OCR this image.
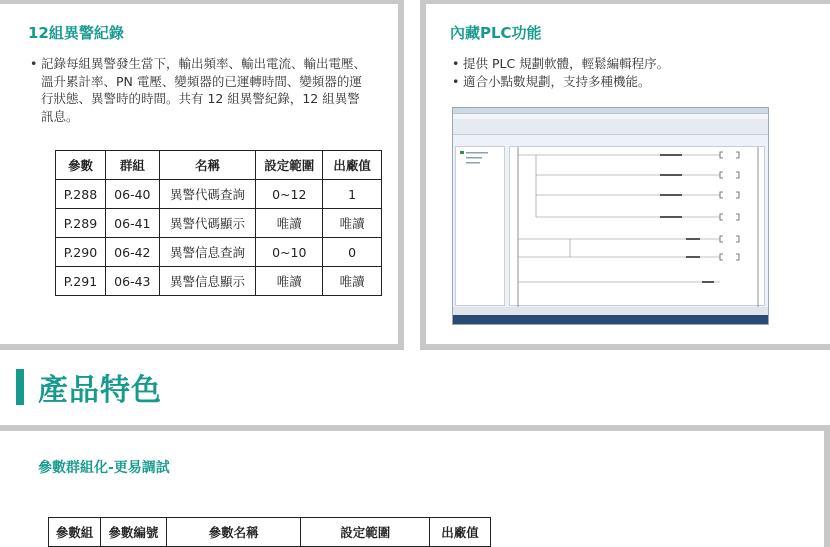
12組異警紀錄
• 記錄每組異警發生當下，輸出頻率、輸出電流、輸出電壓、
溫升累計率、PN 電壓、變頻器的已運轉時間、變頻器的運
行狀態、異警時的時間。共有 12 組異警紀錄，12 組異警
訊息。
參數	群組	名稱	設定範圍	出廠值
P.288	06-40	異警代碼查詢	0~12	1
P.289	06-41	異警代碼顯示	唯讀	唯讀
P.290	06-42	異警信息查詢	0~10	0
P.291	06-43	異警信息顯示	唯讀	唯讀
內藏PLC功能
• 提供 PLC 規劃軟體，輕鬆編輯程序。
• 適合小點數規劃，支持多種機能。
產品特色
參數群組化-更易調試
參數組	參數編號	參數名稱	設定範圍	出廠值
